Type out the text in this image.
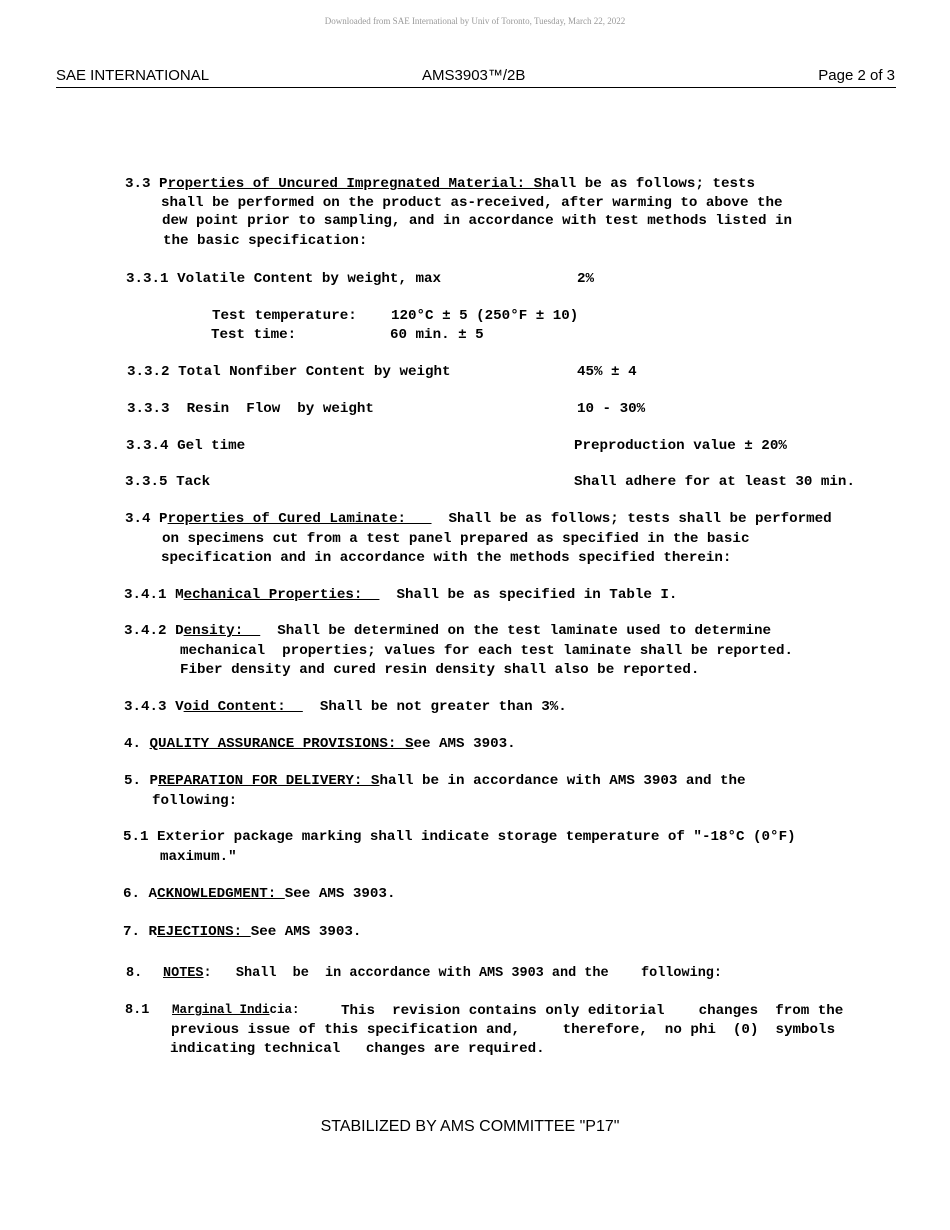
Downloaded from SAE International by Univ of Toronto, Tuesday, March 22, 2022
SAE INTERNATIONAL	AMS3903™/2B	Page 2 of 3
3.3 Properties of Uncured Impregnated Material: Shall be as follows; tests
shall be performed on the product as-received, after warming to above the
dew point prior to sampling, and in accordance with test methods listed in
the basic specification:
3.3.1 Volatile Content by weight, max	2%
Test temperature: 120°C ± 5 (250°F ± 10)
Test time:	60 min. ± 5
3.3.2 Total Nonfiber Content by weight	45% ± 4
3.3.3  Resin  Flow  by weight	10 - 30%
3.3.4 Gel time	Preproduction value ± 20%
3.3.5 Tack	Shall adhere for at least 30 min.
3.4 Properties of Cured Laminate:     Shall be as follows; tests shall be performed
on specimens cut from a test panel prepared as specified in the basic
specification and in accordance with the methods specified therein:
3.4.1 Mechanical Properties:    Shall be as specified in Table I.
3.4.2 Density:    Shall be determined on the test laminate used to determine
mechanical  properties; values for each test laminate shall be reported.
Fiber density and cured resin density shall also be reported.
3.4.3 Void Content:    Shall be not greater than 3%.
4. QUALITY ASSURANCE PROVISIONS: See AMS 3903.
5. PREPARATION FOR DELIVERY: Shall be in accordance with AMS 3903 and the
following:
5.1 Exterior package marking shall indicate storage temperature of "-18°C (0°F)
maximum."
6. ACKNOWLEDGMENT: See AMS 3903.
7. REJECTIONS: See AMS 3903.
8. NOTES:   Shall  be  in accordance with AMS 3903 and the    following:
8.1 Marginal Indicia:	This  revision contains only editorial    changes  from the
previous issue of this specification and,     therefore,  no phi  (0)  symbols
indicating technical   changes are required.
STABILIZED BY AMS COMMITTEE "P17"
